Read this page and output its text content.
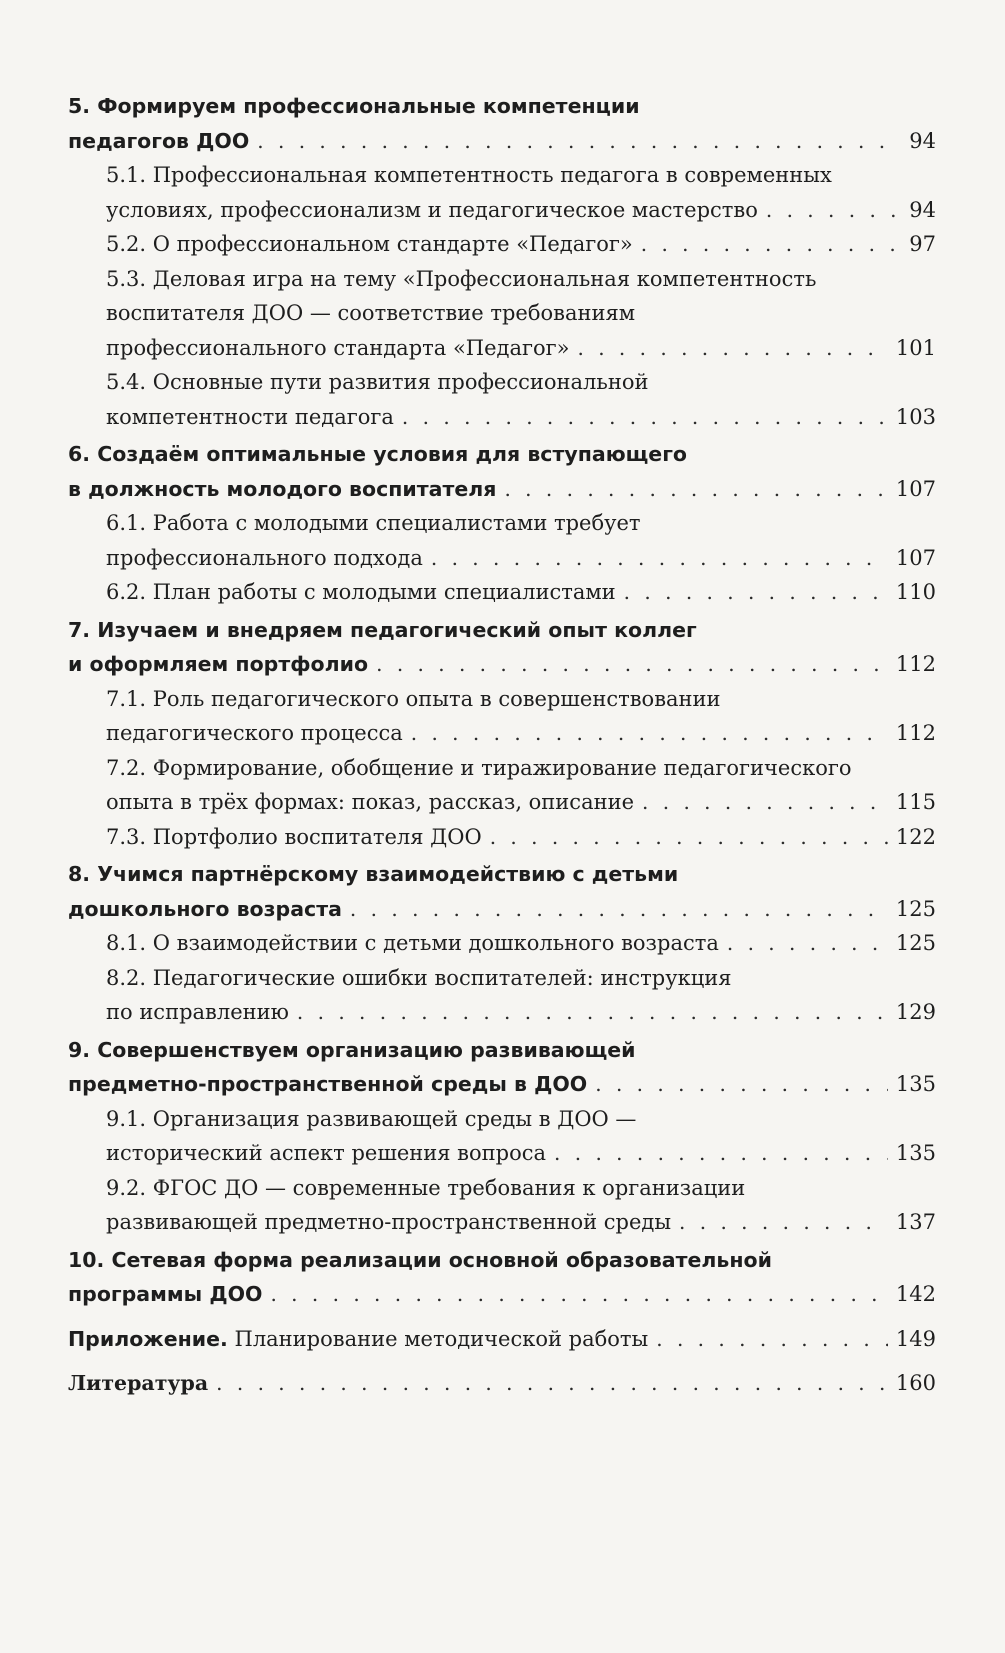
5. Формируем профессиональные компетенции
педагогов ДОО . . .	94
5.1. Профессиональная компетентность педагога в современных
условиях, профессионализм и педагогическое мастерство . . .	94
5.2. О профессиональном стандарте «Педагог» . . .	97
5.3. Деловая игра на тему «Профессиональная компетентность
воспитателя ДОО — соответствие требованиям
профессионального стандарта «Педагог» . . .	101
5.4. Основные пути развития профессиональной
компетентности педагога . . .	103
6. Создаём оптимальные условия для вступающего
в должность молодого воспитателя . . .	107
6.1. Работа с молодыми специалистами требует
профессионального подхода . . .	107
6.2. План работы с молодыми специалистами . . .	110
7. Изучаем и внедряем педагогический опыт коллег
и оформляем портфолио . . .	112
7.1. Роль педагогического опыта в совершенствовании
педагогического процесса . . .	112
7.2. Формирование, обобщение и тиражирование педагогического
опыта в трёх формах: показ, рассказ, описание . . .	115
7.3. Портфолио воспитателя ДОО . . .	122
8. Учимся партнёрскому взаимодействию с детьми
дошкольного возраста . . .	125
8.1. О взаимодействии с детьми дошкольного возраста . . .	125
8.2. Педагогические ошибки воспитателей: инструкция
по исправлению . . .	129
9. Совершенствуем организацию развивающей
предметно-пространственной среды в ДОО . . .	135
9.1. Организация развивающей среды в ДОО —
исторический аспект решения вопроса . . .	135
9.2. ФГОС ДО — современные требования к организации
развивающей предметно-пространственной среды . . .	137
10. Сетевая форма реализации основной образовательной
программы ДОО . . .	142
Приложение. Планирование методической работы . . .	149
Литература . . .	160
